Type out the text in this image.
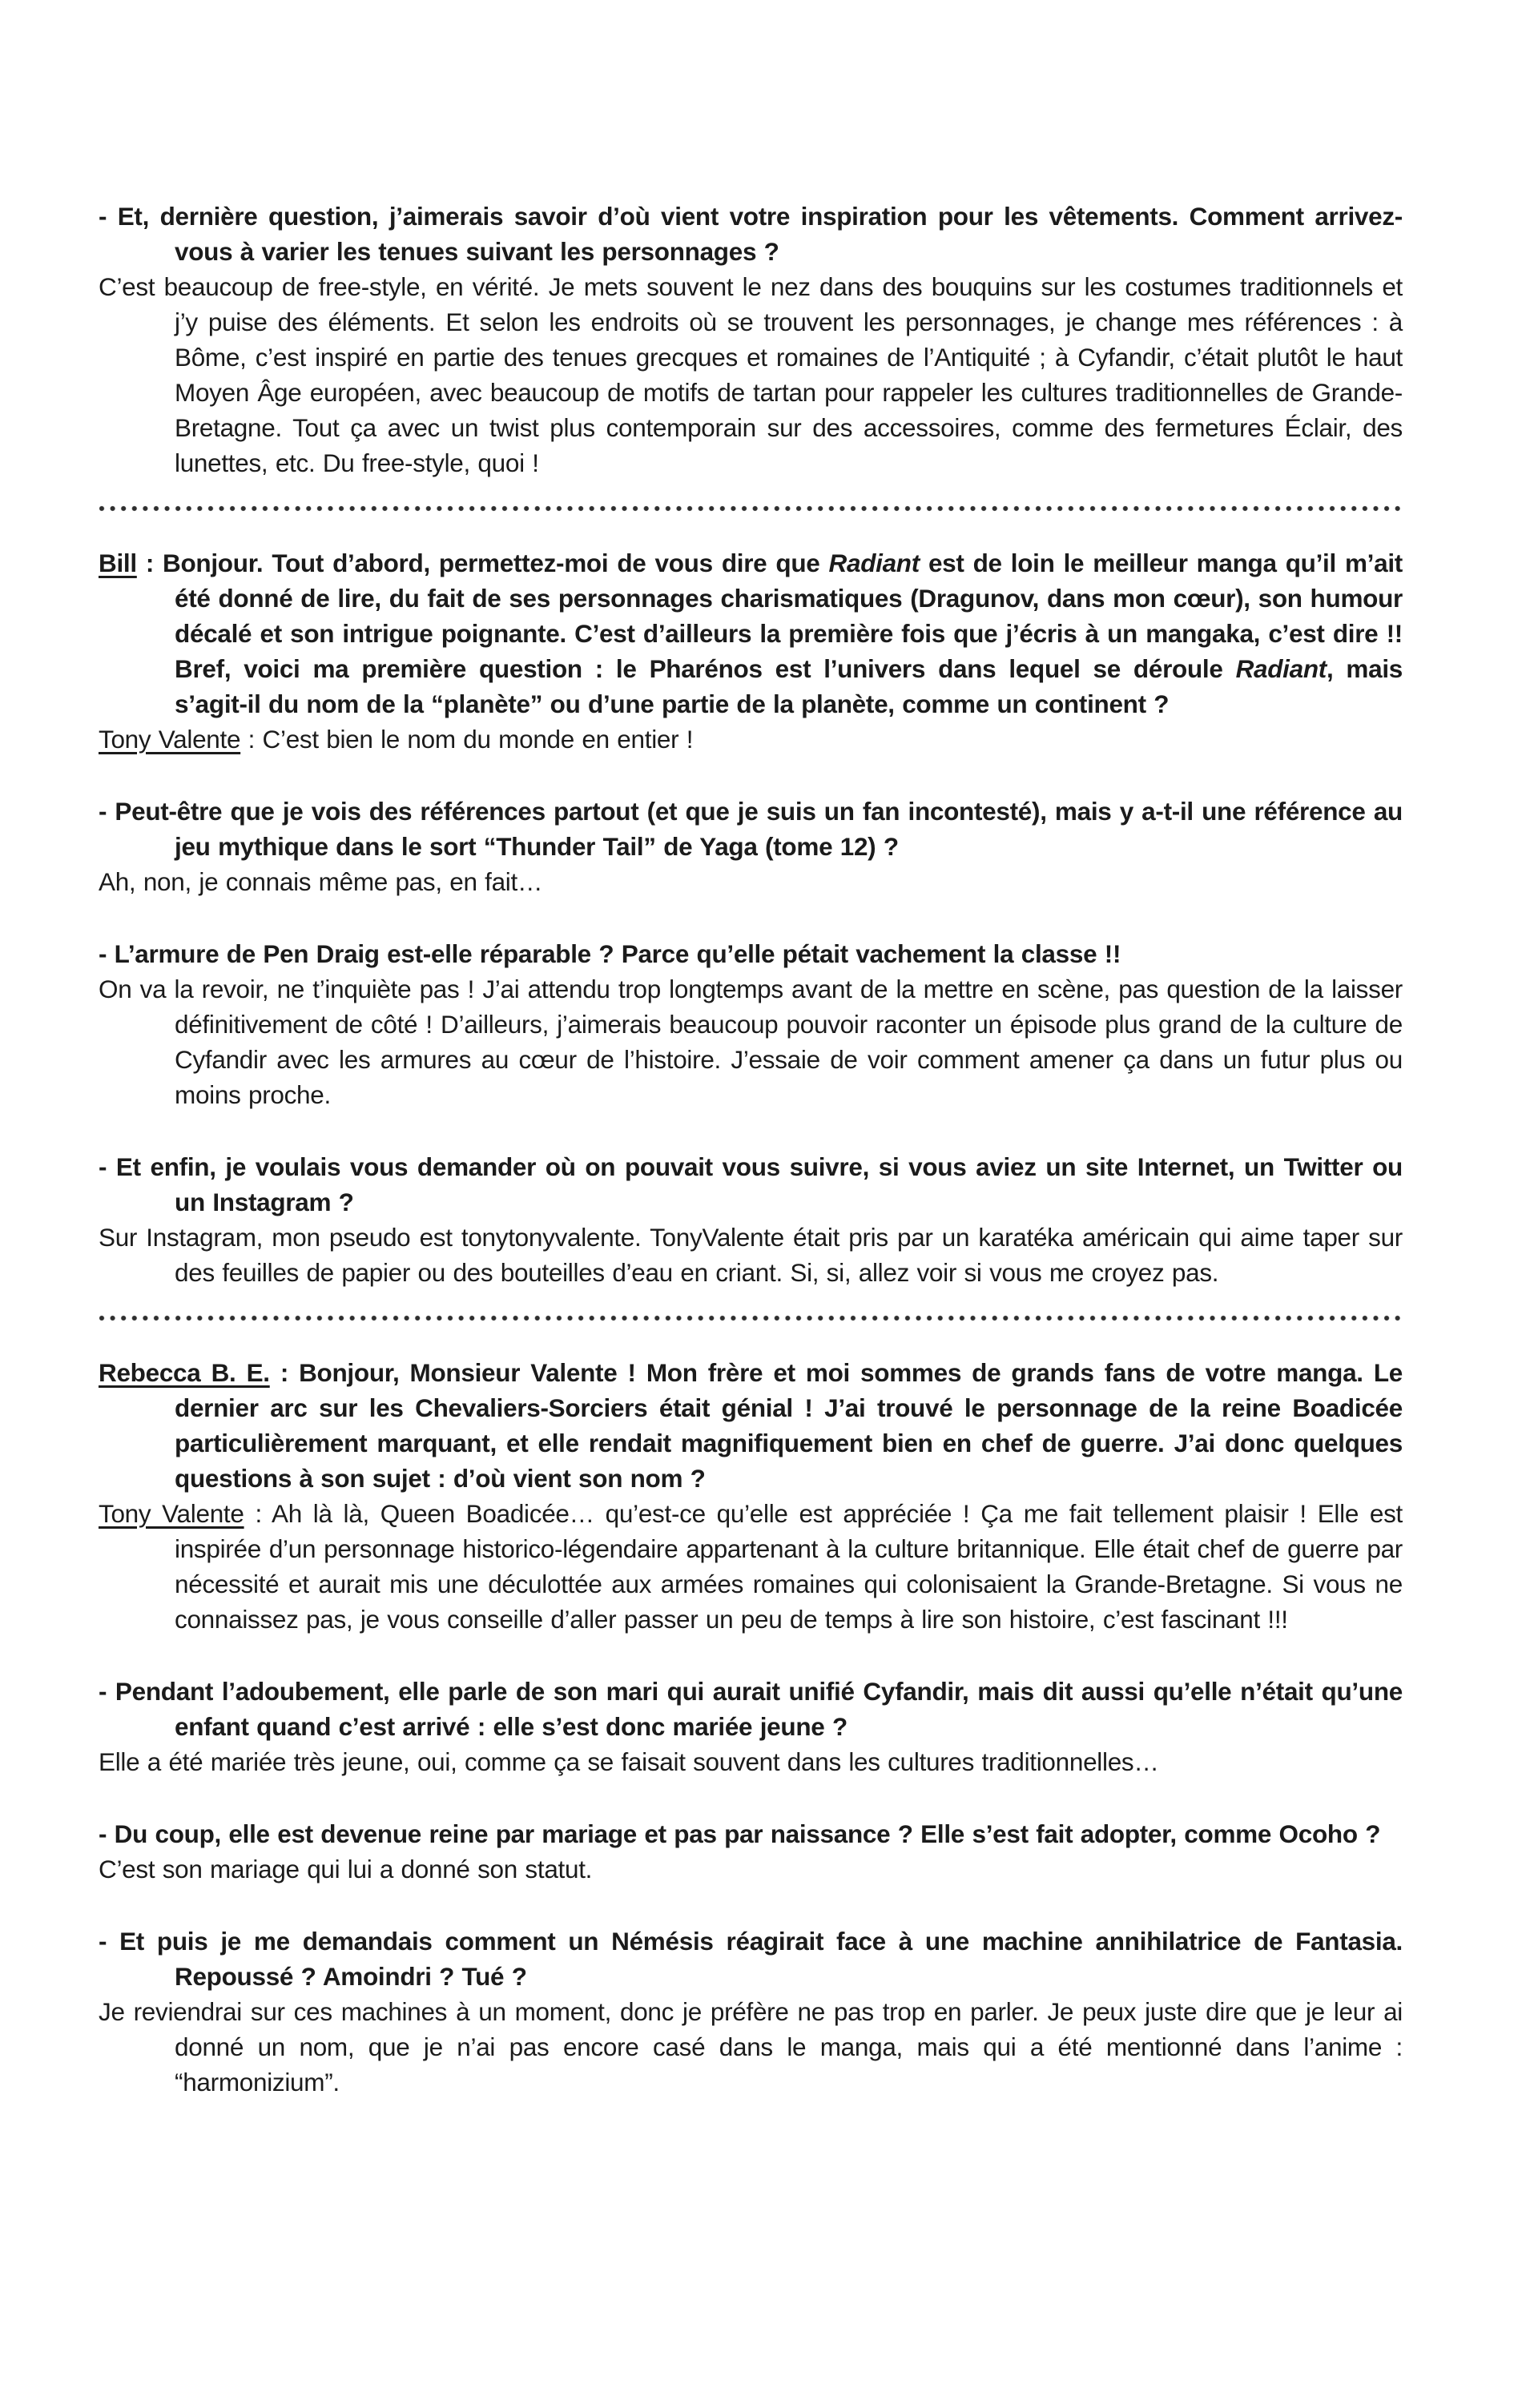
- Et, dernière question, j’aimerais savoir d’où vient votre inspiration pour les vêtements. Comment arrivez-vous à varier les tenues suivant les personnages ?

C’est beaucoup de free-style, en vérité. Je mets souvent le nez dans des bouquins sur les costumes traditionnels et j’y puise des éléments. Et selon les endroits où se trouvent les personnages, je change mes références : à Bôme, c’est inspiré en partie des tenues grecques et romaines de l’Antiquité ; à Cyfandir, c’était plutôt le haut Moyen Âge européen, avec beaucoup de motifs de tartan pour rappeler les cultures traditionnelles de Grande-Bretagne. Tout ça avec un twist plus contemporain sur des accessoires, comme des fermetures Éclair, des lunettes, etc. Du free-style, quoi !

Bill : Bonjour. Tout d’abord, permettez-moi de vous dire que Radiant est de loin le meilleur manga qu’il m’ait été donné de lire, du fait de ses personnages charismatiques (Dragunov, dans mon cœur), son humour décalé et son intrigue poignante. C’est d’ailleurs la première fois que j’écris à un mangaka, c’est dire !! Bref, voici ma première question : le Pharénos est l’univers dans lequel se déroule Radiant, mais s’agit-il du nom de la “planète” ou d’une partie de la planète, comme un continent ?

Tony Valente : C’est bien le nom du monde en entier !

- Peut-être que je vois des références partout (et que je suis un fan incontesté), mais y a-t-il une référence au jeu mythique dans le sort “Thunder Tail” de Yaga (tome 12) ?

Ah, non, je connais même pas, en fait…

- L’armure de Pen Draig est-elle réparable ? Parce qu’elle pétait vachement la classe !!

On va la revoir, ne t’inquiète pas ! J’ai attendu trop longtemps avant de la mettre en scène, pas question de la laisser définitivement de côté ! D’ailleurs, j’aimerais beaucoup pouvoir raconter un épisode plus grand de la culture de Cyfandir avec les armures au cœur de l’histoire. J’essaie de voir comment amener ça dans un futur plus ou moins proche.

- Et enfin, je voulais vous demander où on pouvait vous suivre, si vous aviez un site Internet, un Twitter ou un Instagram ?

Sur Instagram, mon pseudo est tonytonyvalente. TonyValente était pris par un karatéka américain qui aime taper sur des feuilles de papier ou des bouteilles d’eau en criant. Si, si, allez voir si vous me croyez pas.

Rebecca B. E. : Bonjour, Monsieur Valente ! Mon frère et moi sommes de grands fans de votre manga. Le dernier arc sur les Chevaliers-Sorciers était génial ! J’ai trouvé le personnage de la reine Boadicée particulièrement marquant, et elle rendait magnifiquement bien en chef de guerre. J’ai donc quelques questions à son sujet : d’où vient son nom ?

Tony Valente : Ah là là, Queen Boadicée… qu’est-ce qu’elle est appréciée ! Ça me fait tellement plaisir ! Elle est inspirée d’un personnage historico-légendaire appartenant à la culture britannique. Elle était chef de guerre par nécessité et aurait mis une déculottée aux armées romaines qui colonisaient la Grande-Bretagne. Si vous ne connaissez pas, je vous conseille d’aller passer un peu de temps à lire son histoire, c’est fascinant !!!

- Pendant l’adoubement, elle parle de son mari qui aurait unifié Cyfandir, mais dit aussi qu’elle n’était qu’une enfant quand c’est arrivé : elle s’est donc mariée jeune ?

Elle a été mariée très jeune, oui, comme ça se faisait souvent dans les cultures traditionnelles…

- Du coup, elle est devenue reine par mariage et pas par naissance ? Elle s’est fait adopter, comme Ocoho ?

C’est son mariage qui lui a donné son statut.

- Et puis je me demandais comment un Némésis réagirait face à une machine annihilatrice de Fantasia. Repoussé ? Amoindri ? Tué ?

Je reviendrai sur ces machines à un moment, donc je préfère ne pas trop en parler. Je peux juste dire que je leur ai donné un nom, que je n’ai pas encore casé dans le manga, mais qui a été mentionné dans l’anime : “harmonizium”.
